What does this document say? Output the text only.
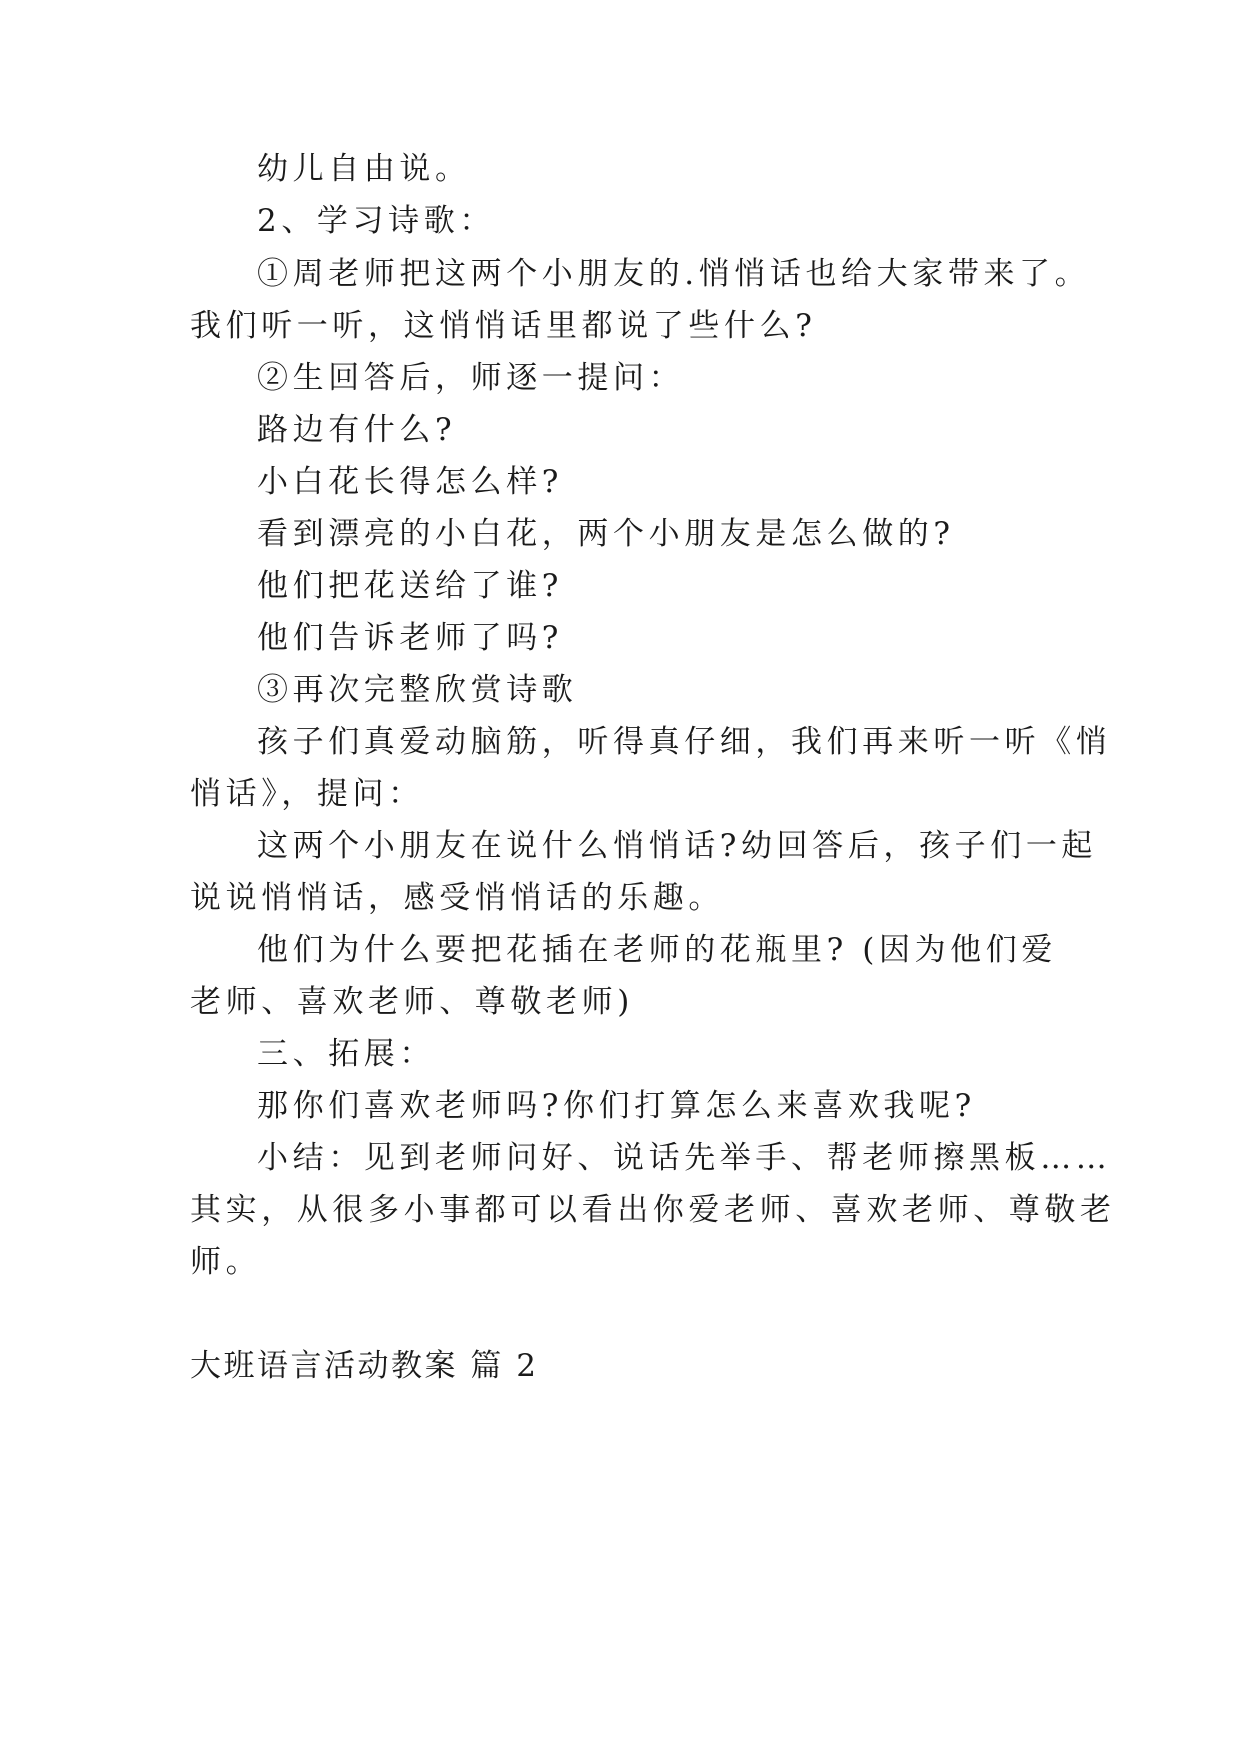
幼儿自由说。
2、学习诗歌：
①周老师把这两个小朋友的.悄悄话也给大家带来了。
我们听一听，这悄悄话里都说了些什么?
②生回答后，师逐一提问：
路边有什么?
小白花长得怎么样?
看到漂亮的小白花，两个小朋友是怎么做的?
他们把花送给了谁?
他们告诉老师了吗?
③再次完整欣赏诗歌
孩子们真爱动脑筋，听得真仔细，我们再来听一听《悄
悄话》，提问：
这两个小朋友在说什么悄悄话?幼回答后，孩子们一起
说说悄悄话，感受悄悄话的乐趣。
他们为什么要把花插在老师的花瓶里? (因为他们爱
老师、喜欢老师、尊敬老师)
三、拓展：
那你们喜欢老师吗?你们打算怎么来喜欢我呢?
小结：见到老师问好、说话先举手、帮老师擦黑板……
其实，从很多小事都可以看出你爱老师、喜欢老师、尊敬老
师。
大班语言活动教案 篇 2
